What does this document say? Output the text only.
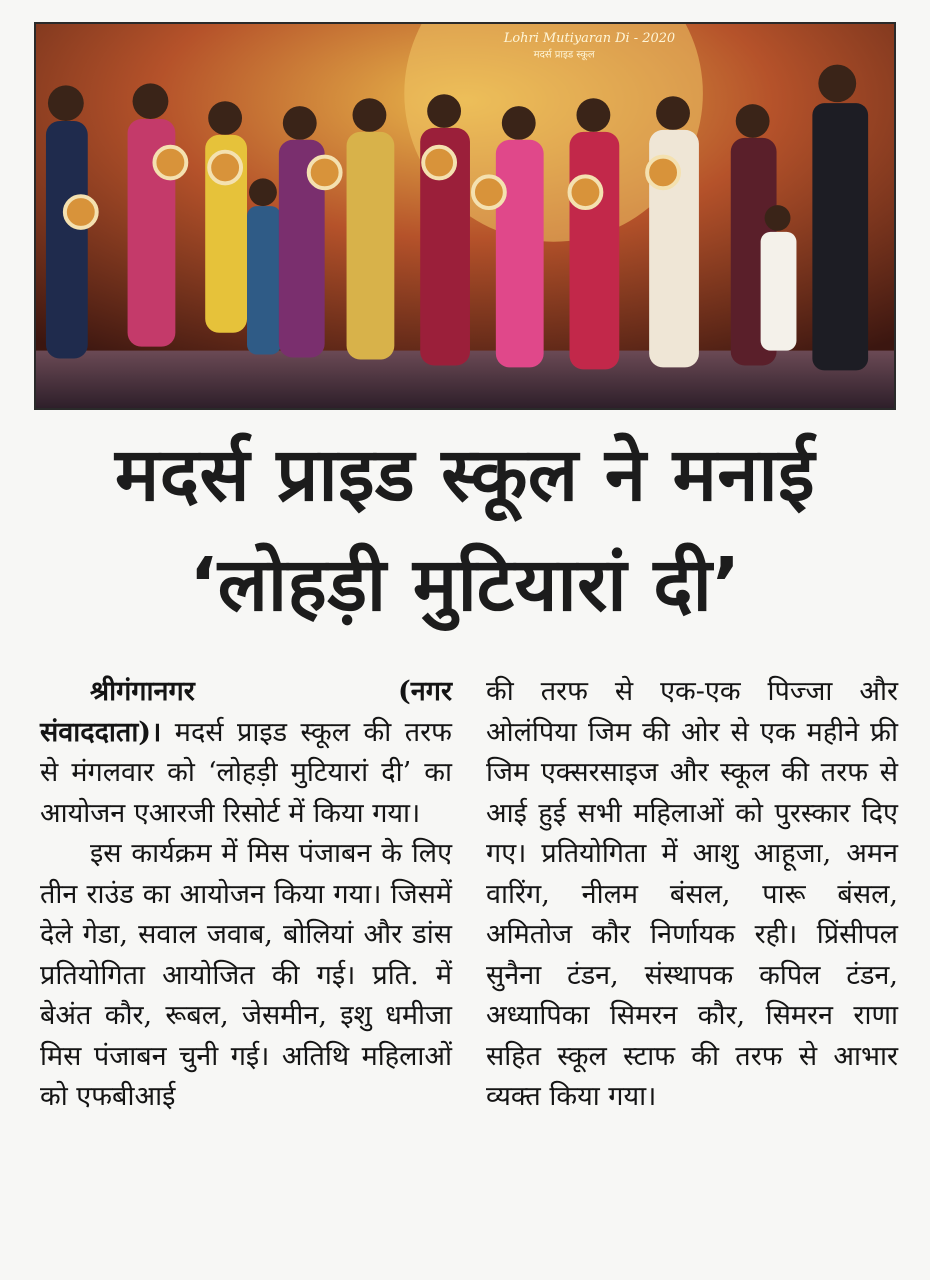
Lohri Mutiyaran Di - 2020
मदर्स प्राइड स्कूल
मदर्स प्राइड स्कूल ने मनाई
‘लोहड़ी मुटियारां दी’
श्रीगंगानगर	(नगर

संवाददाता)। मदर्स प्राइड स्कूल की तरफ से मंगलवार को ‘लोहड़ी मुटियारां दी’ का आयोजन एआरजी रिसोर्ट में किया गया।

इस कार्यक्रम में मिस पंजाबन के लिए तीन राउंड का आयोजन किया गया। जिसमें देले गेडा, सवाल जवाब, बोलियां और डांस प्रतियोगिता आयोजित की गई। प्रति. में बेअंत कौर, रूबल, जेसमीन, इशु धमीजा मिस पंजाबन चुनी गई। अतिथि महिलाओं को एफबीआई

की तरफ से एक-एक पिज्जा और ओलंपिया जिम की ओर से एक महीने फ्री जिम एक्सरसाइज और स्कूल की तरफ से आई हुई सभी महिलाओं को पुरस्कार दिए गए। प्रतियोगिता में आशु आहूजा, अमन वारिंग, नीलम बंसल, पारू बंसल, अमितोज कौर निर्णायक रही। प्रिंसीपल सुनैना टंडन, संस्थापक कपिल टंडन, अध्यापिका सिमरन कौर, सिमरन राणा सहित स्कूल स्टाफ की तरफ से आभार व्यक्त किया गया।
